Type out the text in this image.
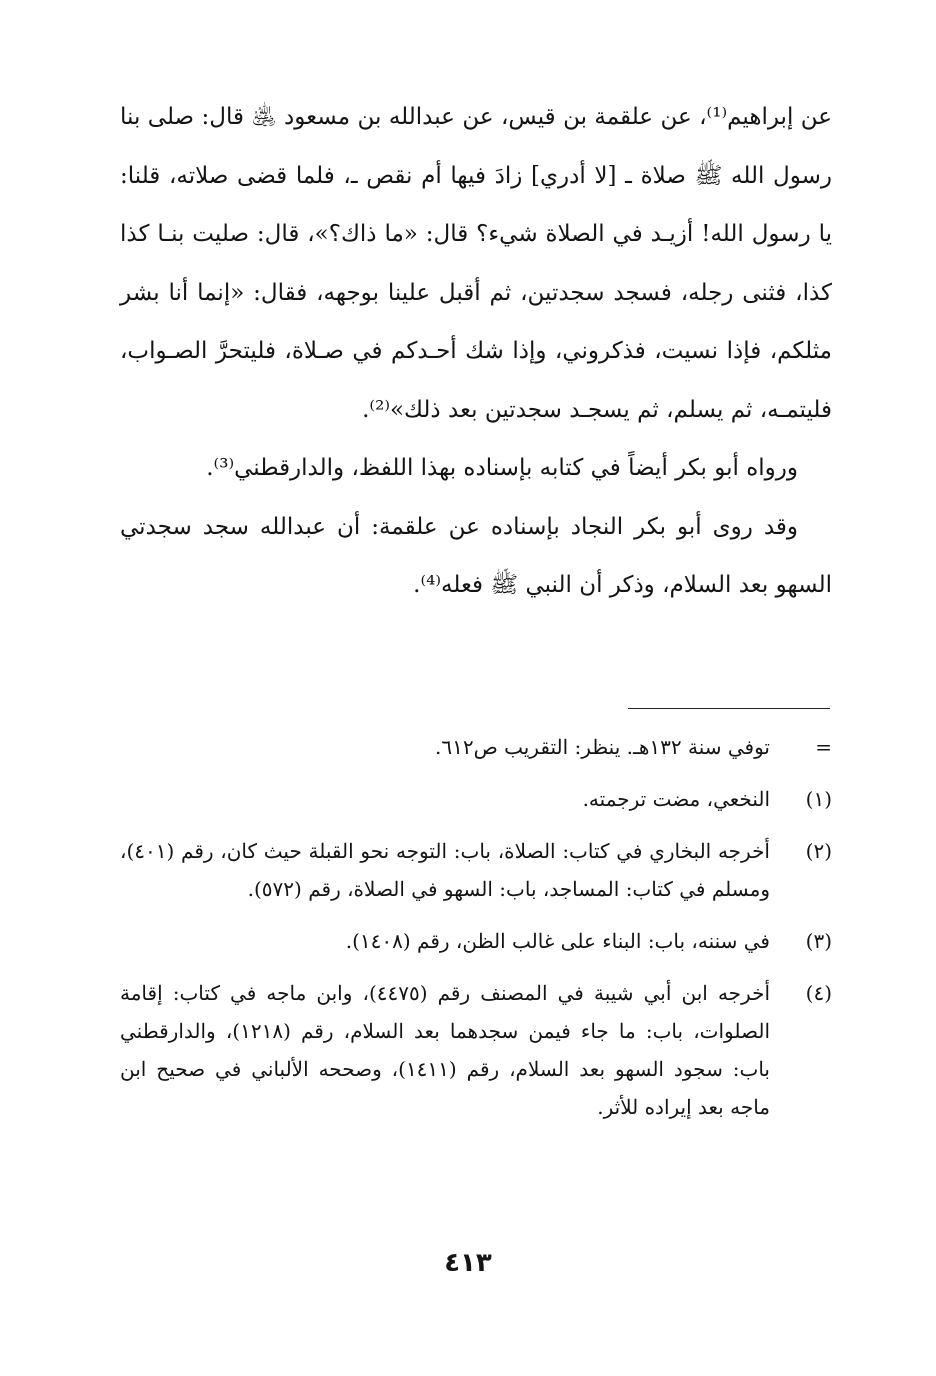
عن إبراهيم⁽¹⁾، عن علقمة بن قيس، عن عبدالله بن مسعود ﵁ قال: صلى بنا رسول الله ﷺ صلاة ـ [لا أدري] زادَ فيها أم نقص ـ، فلما قضى صلاته، قلنا: يا رسول الله! أزيـد في الصلاة شيء؟ قال: «ما ذاك؟»، قال: صليت بنـا كذا كذا، فثنى رجله، فسجد سجدتين، ثم أقبل علينا بوجهه، فقال: «إنما أنا بشر مثلكم، فإذا نسيت، فذكروني، وإذا شك أحـدكم في صـلاة، فليتحرَّ الصـواب، فليتمـه، ثم يسلم، ثم يسجـد سجدتين بعد ذلك»⁽²⁾.

ورواه أبو بكر أيضاً في كتابه بإسناده بهذا اللفظ، والدارقطني⁽³⁾.

وقد روى أبو بكر النجاد بإسناده عن علقمة: أن عبدالله سجد سجدتي السهو بعد السلام، وذكر أن النبي ﷺ فعله⁽⁴⁾.

=
توفي سنة ١٣٢هـ. ينظر: التقريب ص٦١٢.
(١)
النخعي، مضت ترجمته.
(٢)
أخرجه البخاري في كتاب: الصلاة، باب: التوجه نحو القبلة حيث كان، رقم (٤٠١)، ومسلم في كتاب: المساجد، باب: السهو في الصلاة، رقم (٥٧٢).
(٣)
في سننه، باب: البناء على غالب الظن، رقم (١٤٠٨).
(٤)
أخرجه ابن أبي شيبة في المصنف رقم (٤٤٧٥)، وابن ماجه في كتاب: إقامة الصلوات، باب: ما جاء فيمن سجدهما بعد السلام، رقم (١٢١٨)، والدارقطني باب: سجود السهو بعد السلام، رقم (١٤١١)، وصححه الألباني في صحيح ابن ماجه بعد إيراده للأثر.
٤١٣
